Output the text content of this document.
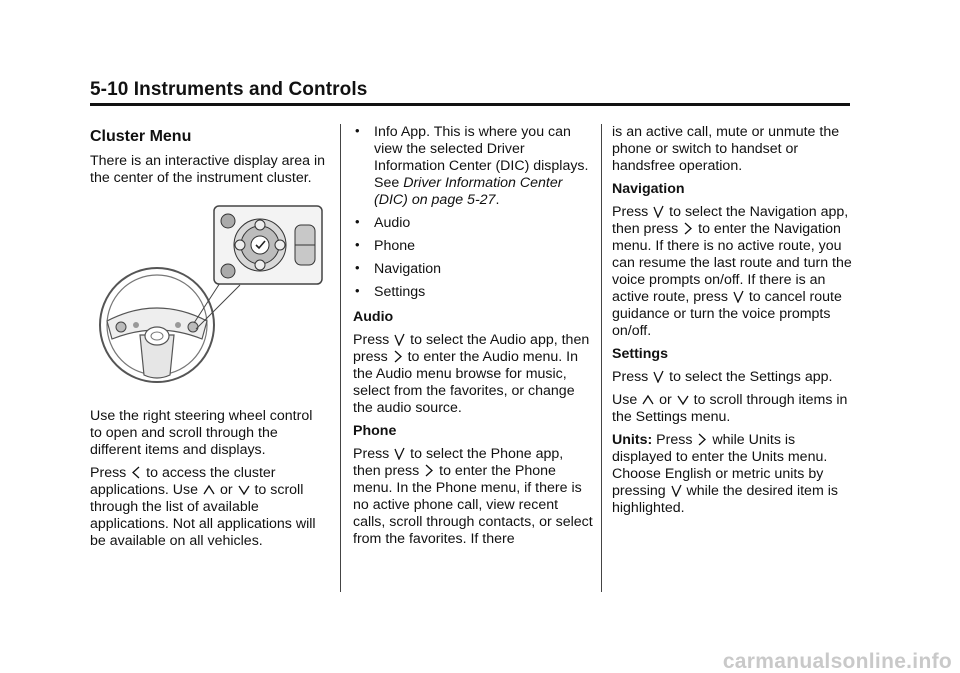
5-10 Instruments and Controls
Cluster Menu

There is an interactive display area in the center of the instrument cluster.

Use the right steering wheel control to open and scroll through the different items and displays.

Press to access the cluster applications. Use or to scroll through the list of available applications. Not all applications will be available on all vehicles.

• Info App. This is where you can view the selected Driver Information Center (DIC) displays. See Driver Information Center (DIC) on page 5-27.
• Audio
• Phone
• Navigation
• Settings

Audio

Press to select the Audio app, then press to enter the Audio menu. In the Audio menu browse for music, select from the favorites, or change the audio source.

Phone

Press to select the Phone app, then press to enter the Phone menu. In the Phone menu, if there is no active phone call, view recent calls, scroll through contacts, or select from the favorites. If there

is an active call, mute or unmute the phone or switch to handset or handsfree operation.

Navigation

Press to select the Navigation app, then press to enter the Navigation menu. If there is no active route, you can resume the last route and turn the voice prompts on/off. If there is an active route, press to cancel route guidance or turn the voice prompts on/off.

Settings

Press to select the Settings app.

Use or to scroll through items in the Settings menu.

Units: Press while Units is displayed to enter the Units menu. Choose English or metric units by pressing while the desired item is highlighted.

carmanualsonline.info
